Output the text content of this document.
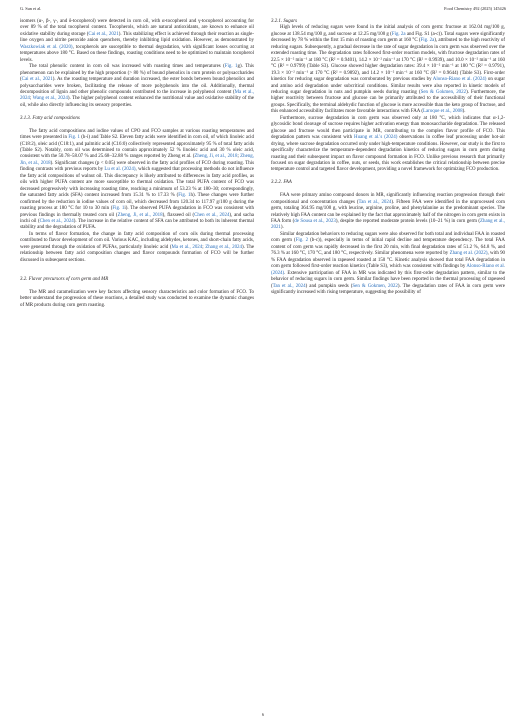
G. Sun et al.	Food Chemistry 492 (2025) 145426

isomers (α-, β-, γ-, and δ-tocopherol) were detected in corn oil, with α-tocopherol and γ-tocopherol accounting for over 89 % of the total tocopherol content. Tocopherols, which are natural antioxidants, are known to enhance oil oxidative stability during storage (Cai et al., 2021). This stabilizing effect is achieved through their reaction as single-line oxygen and nitrite peroxide anion quenchers, thereby inhibiting lipid oxidation. However, as demonstrated by Waszkowiak et al. (2020), tocopherols are susceptible to thermal degradation, with significant losses occurring at temperatures above 180 °C. Based on these findings, roasting conditions need to be optimized to maintain tocopherol levels.

The total phenolic content in corn oil was increased with roasting times and temperatures (Fig. 1g). This phenomenon can be explained by the high proportion (> 80 %) of bound phenolics in corn protein or polysaccharides (Cai et al., 2021). As the roasting temperature and duration increased, the ester bonds between bound phenolics and polysaccharides were broken, facilitating the release of more polyphenols into the oil. Additionally, thermal decomposition of lignin and other phenolic compounds contributed to the increase in polyphenol content (Ma et al., 2024; Wang et al., 2024). The higher polyphenol content enhanced the nutritional value and oxidative stability of the oil, while also directly influencing its sensory properties.

3.1.3. Fatty acid compositions

The fatty acid compositions and iodine values of CPO and FCO samples at various roasting temperatures and times were presented in Fig. 1 (h-i) and Table S2. Eleven fatty acids were identified in corn oil, of which linoleic acid (C18:2), oleic acid (C18:1), and palmitic acid (C16:0) collectively represented approximately 95 % of total fatty acids (Table S2). Notably, corn oil was determined to contain approximately 52 % linoleic acid and 30 % oleic acid, consistent with the 50.78–58.07 % and 25.68–32.88 % ranges reported by Zheng et al. (Zheng, Ji, et al., 2018; Zheng, Jin, et al., 2018). Significant changes (p < 0.05) were observed in the fatty acid profiles of FCO during roasting. This finding contrasts with previous reports by Lu et al. (2024), which suggested that processing methods do not influence the fatty acid compositions of walnut oil. This discrepancy is likely attributed to differences in fatty acid profiles, as oils with higher PUFA content are more susceptible to thermal oxidation. The total PUFA content of FCO was decreased progressively with increasing roasting time, reaching a minimum of 53.23 % at 180–30; correspondingly, the saturated fatty acids (SFA) content increased from 15.31 % to 17.33 % (Fig. 1h). These changes were further confirmed by the reduction in iodine values of corn oil, which decreased from 120.34 to 117.97 g/100 g during the roasting process at 180 °C for 10 to 30 min (Fig. 1i). The observed PUFA degradation in FCO was consistent with previous findings in thermally treated corn oil (Zheng, Ji, et al., 2018), flaxseed oil (Chen et al., 2024), and sacha inchi oil (Chen et al., 2024). The increase in the relative content of SFA can be attributed to both its inherent thermal stability and the degradation of PUFA.

In terms of flavor formation, the change in fatty acid composition of corn oils during thermal processing contributed to flavor development of corn oil. Various KAC, including aldehydes, ketones, and short-chain fatty acids, were generated through the oxidation of PUFAs, particularly linoleic acid (Ma et al., 2024; Zhang et al., 2024). The relationship between fatty acid composition changes and flavor compounds formation of FCO will be further discussed in subsequent sections.

3.2. Flavor precursors of corn germ and MR

The MR and caramelization were key factors affecting sensory characteristics and color formation of FCO. To better understand the progression of these reactions, a detailed study was conducted to examine the dynamic changes of MR products during corn germ roasting.

3.2.1. Sugars

High levels of reducing sugars were found in the initial analysis of corn germ: fructose at 162.04 mg/100 g, glucose at 138.54 mg/100 g, and sucrose at 12.25 mg/100 g (Fig. 2a and Fig. S1 (a-c)). Total sugars were significantly decreased by 78 % within the first 15 min of roasting corn germ at 160 °C (Fig. 2a), attributed to the high reactivity of reducing sugars. Subsequently, a gradual decrease in the rate of sugar degradation in corn germ was observed over the extended roasting time. The degradation rates followed first-order reaction models, with fructose degradation rates of 22.5 × 10⁻² min⁻¹ at 180 °C (R² = 0.9401), 14.2 × 10⁻² min⁻¹ at 170 °C (R² = 0.9939), and 10.0 × 10⁻² min⁻¹ at 160 °C (R² = 0.9799) (Table S3). Glucose showed higher degradation rates: 39.4 × 10⁻² min⁻¹ at 180 °C (R² = 0.9791), 19.3 × 10⁻² min⁻¹ at 170 °C (R² = 0.9892), and 14.2 × 10⁻² min⁻¹ at 160 °C (R² = 0.9644) (Table S3). First-order kinetics for reducing sugar degradation was corroborated by previous studies by Alonso-Riano et al. (2024) on sugar and amino acid degradation under subcritical conditions. Similar results were also reported in kinetic models of reducing sugar degradation in nuts and pumpkin seeds during roasting (Sen & Gokmen, 2022). Furthermore, the higher reactivity between fructose and glucose can be primarily attributed to the accessibility of their functional groups. Specifically, the terminal aldehydic function of glucose is more accessible than the keto group of fructose, and this enhanced accessibility facilitates more favorable interactions with FAA (Laroque et al., 2008).

Furthermore, sucrose degradation in corn germ was observed only at 180 °C, which indicates that α-1,2-glycosidic bond cleavage of sucrose requires higher activation energy than monosaccharide degradation. The released glucose and fructose would then participate in MR, contributing to the complex flavor profile of FCO. This degradation pattern was consistent with Huang et al.'s (2024) observations in coffee leaf processing under hot-air drying, where sucrose degradation occurred only under high-temperature conditions. However, our study is the first to specifically characterize the temperature-dependent degradation kinetics of reducing sugars in corn germ during roasting and their subsequent impact on flavor compound formation in FCO. Unlike previous research that primarily focused on sugar degradation in coffee, nuts, or seeds, this work establishes the critical relationship between precise temperature control and targeted flavor development, providing a novel framework for optimizing FCO production.

3.2.2. FAA

FAA were primary amino compound donors in MR, significantly influencing reaction progression through their compositional and concentration changes (Tan et al., 2024). Fifteen FAA were identified in the unprocessed corn germ, totaling 364.95 mg/100 g, with leucine, arginine, proline, and phenylalanine as the predominant species. The relatively high FAA content can be explained by the fact that approximately half of the nitrogen in corn germ exists in FAA form (de Sousa et al., 2023), despite the reported moderate protein levels (10–21 %) in corn germ (Zhang et al., 2021).

Similar degradation behaviors to reducing sugars were also observed for both total and individual FAA in roasted corn germ (Fig. 2 (b-c)), especially in terms of initial rapid decline and temperature dependency. The total FAA content of corn germ was rapidly decreased in the first 20 min, with final degradation rates of 51.2 %, 64.8 %, and 76.3 % at 160 °C, 170 °C, and 180 °C, respectively. Similar phenomena were reported by Zhang et al. (2022), with 90 % FAA degradation observed in rapeseed roasted at 150 °C. Kinetic analysis showed that total FAA degradation in corn germ followed first-order reaction kinetics (Table S3), which was consistent with findings by Alonso-Riano et al. (2024). Extensive participation of FAA in MR was indicated by this first-order degradation pattern, similar to the behavior of reducing sugars in corn germ. Similar findings have been reported in the thermal processing of rapeseed (Tan et al., 2024) and pumpkin seeds (Sen & Gokmen, 2022). The degradation rates of FAA in corn germ were significantly increased with rising temperature, suggesting the possibility of

6
